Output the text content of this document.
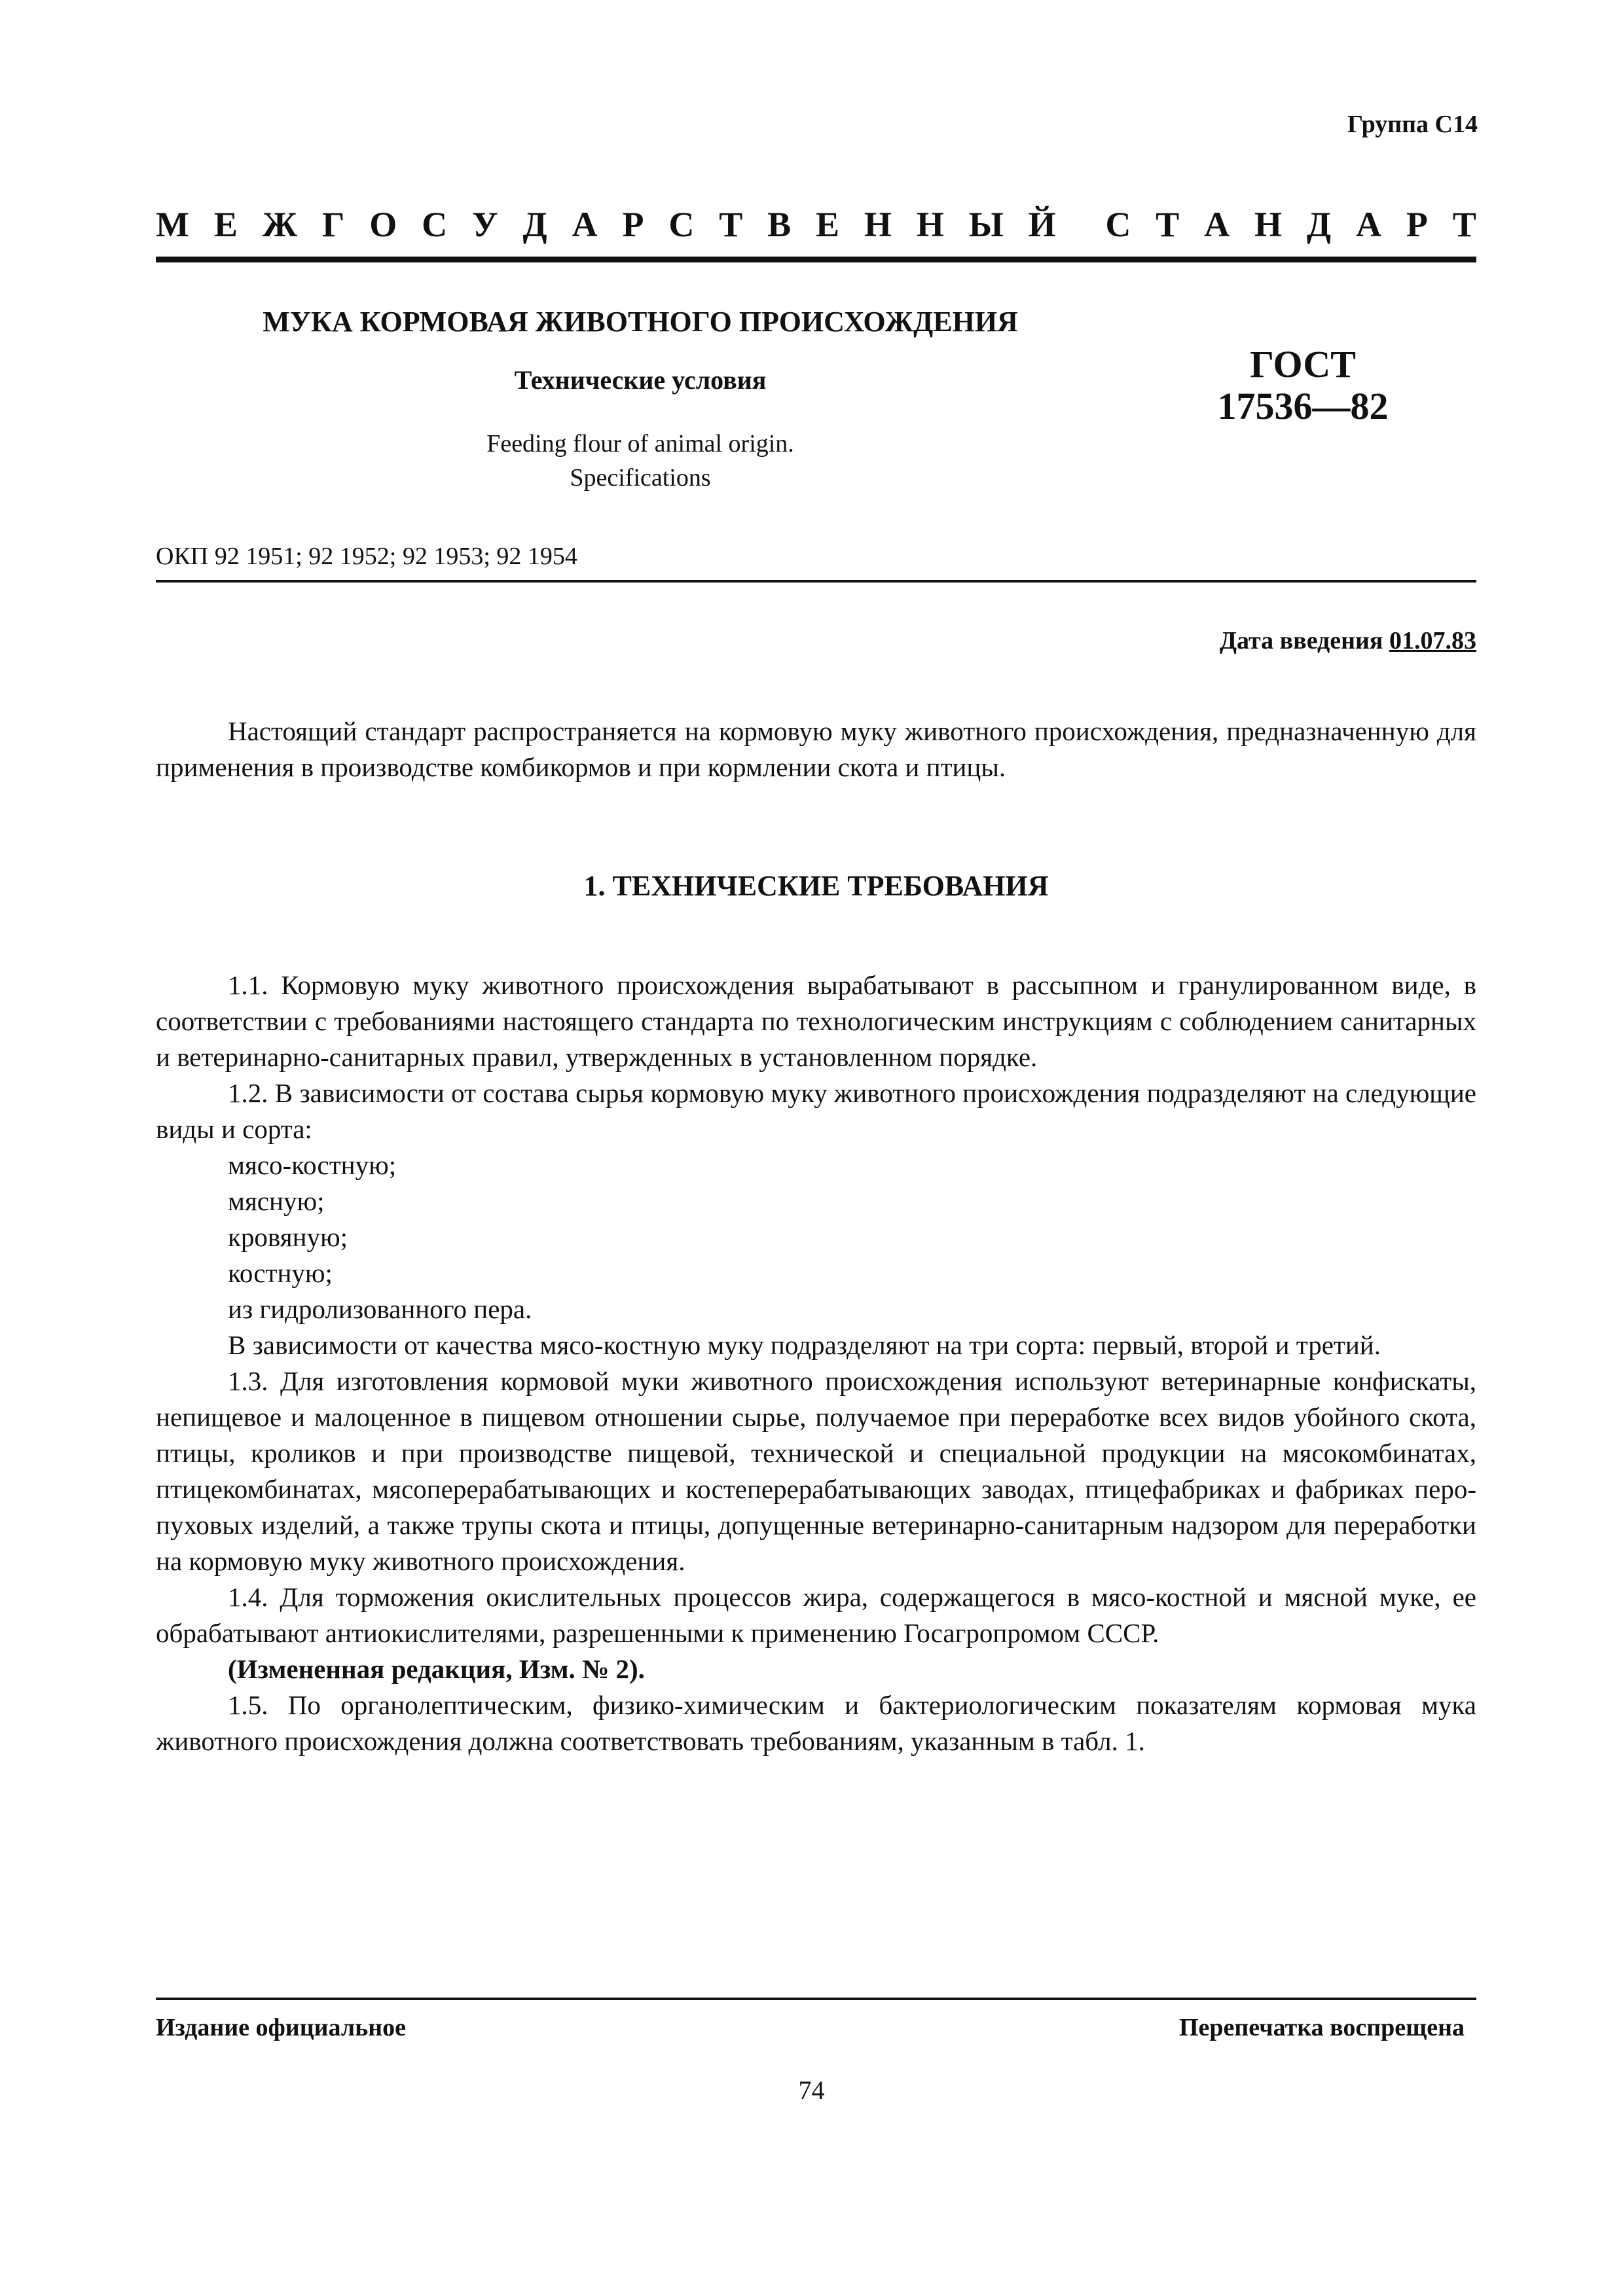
Группа С14
М Е Ж Г О С У Д А Р С Т В Е Н Н Ы Й С Т А Н Д А Р Т
МУКА КОРМОВАЯ ЖИВОТНОГО ПРОИСХОЖДЕНИЯ
Технические условия
Feeding flour of animal origin.
Specifications
ГОСТ
17536—82
ОКП 92 1951; 92 1952; 92 1953; 92 1954
Дата введения 01.07.83
Настоящий стандарт распространяется на кормовую муку животного происхождения, предназначенную для применения в производстве комбикормов и при кормлении скота и птицы.
1. ТЕХНИЧЕСКИЕ ТРЕБОВАНИЯ

1.1. Кормовую муку животного происхождения вырабатывают в рассыпном и гранулированном виде, в соответствии с требованиями настоящего стандарта по технологическим инструкциям с соблюдением санитарных и ветеринарно-санитарных правил, утвержденных в установленном порядке.

1.2. В зависимости от состава сырья кормовую муку животного происхождения подразделяют на следующие виды и сорта:

мясо-костную;

мясную;

кровяную;

костную;

из гидролизованного пера.

В зависимости от качества мясо-костную муку подразделяют на три сорта: первый, второй и третий.

1.3. Для изготовления кормовой муки животного происхождения используют ветеринарные конфискаты, непищевое и малоценное в пищевом отношении сырье, получаемое при переработке всех видов убойного скота, птицы, кроликов и при производстве пищевой, технической и специальной продукции на мясокомбинатах, птицекомбинатах, мясоперерабатывающих и костеперерабатывающих заводах, птицефабриках и фабриках перо-пуховых изделий, а также трупы скота и птицы, допущенные ветеринарно-санитарным надзором для переработки на кормовую муку животного происхождения.

1.4. Для торможения окислительных процессов жира, содержащегося в мясо-костной и мясной муке, ее обрабатывают антиокислителями, разрешенными к применению Госагропромом СССР.

(Измененная редакция, Изм. № 2).

1.5. По органолептическим, физико-химическим и бактериологическим показателям кормовая мука животного происхождения должна соответствовать требованиям, указанным в табл. 1.

Издание официальное	Перепечатка воспрещена
74
